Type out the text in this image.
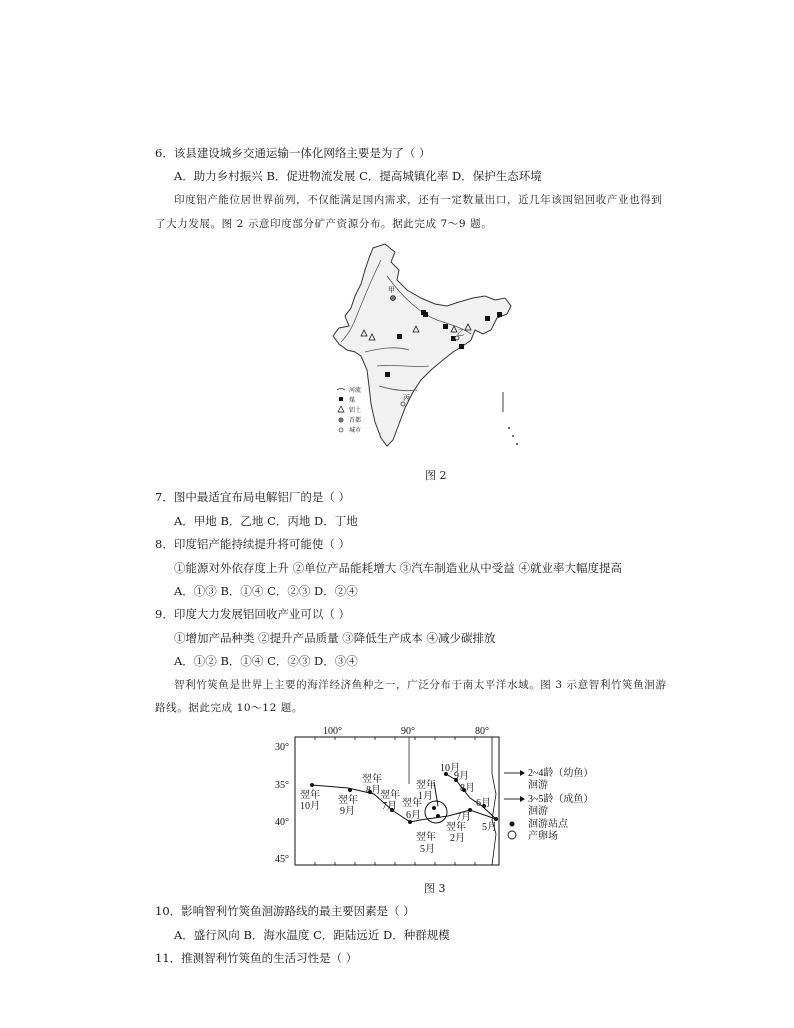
6．该县建设城乡交通运输一体化网络主要是为了（ ）
A．助力乡村振兴 B．促进物流发展 C．提高城镇化率 D．保护生态环境
印度铝产能位居世界前列，不仅能满足国内需求，还有一定数量出口，近几年该国铝回收产业也得到
了大力发展。图 2 示意印度部分矿产资源分布。据此完成 7～9 题。
甲
乙
丙
河流
煤
铝土
首都
城市
图 2
7．图中最适宜布局电解铝厂的是（ ）
A．甲地 B．乙地 C．丙地 D．丁地
8．印度铝产能持续提升将可能使（ ）
①能源对外依存度上升 ②单位产品能耗增大 ③汽车制造业从中受益 ④就业率大幅度提高
A．①③ B．①④ C．②③ D．②④
9．印度大力发展铝回收产业可以（ ）
①增加产品种类 ②提升产品质量 ③降低生产成本 ④减少碳排放
A．①② B．①④ C．②③ D．③④
智利竹筴鱼是世界上主要的海洋经济鱼种之一，广泛分布于南太平洋水域。图 3 示意智利竹筴鱼洄游
路线。据此完成 10～12 题。
100°	90°	80°
30°
35°
40°
45°
翌年
10月
翌年
9月
翌年
8月 翌年
7月 翌年
6月
翌年
1月
10月
9月
8月
7月
翌年
2月
6月
5月
翌年
5月
2~4龄（幼鱼）
洄游
3~5龄（成鱼）
洄游
洄游站点
产卵场
图 3
10．影响智利竹筴鱼洄游路线的最主要因素是（ ）
A．盛行风向 B．海水温度 C．距陆远近 D．种群规模
11．推测智利竹筴鱼的生活习性是（ ）
